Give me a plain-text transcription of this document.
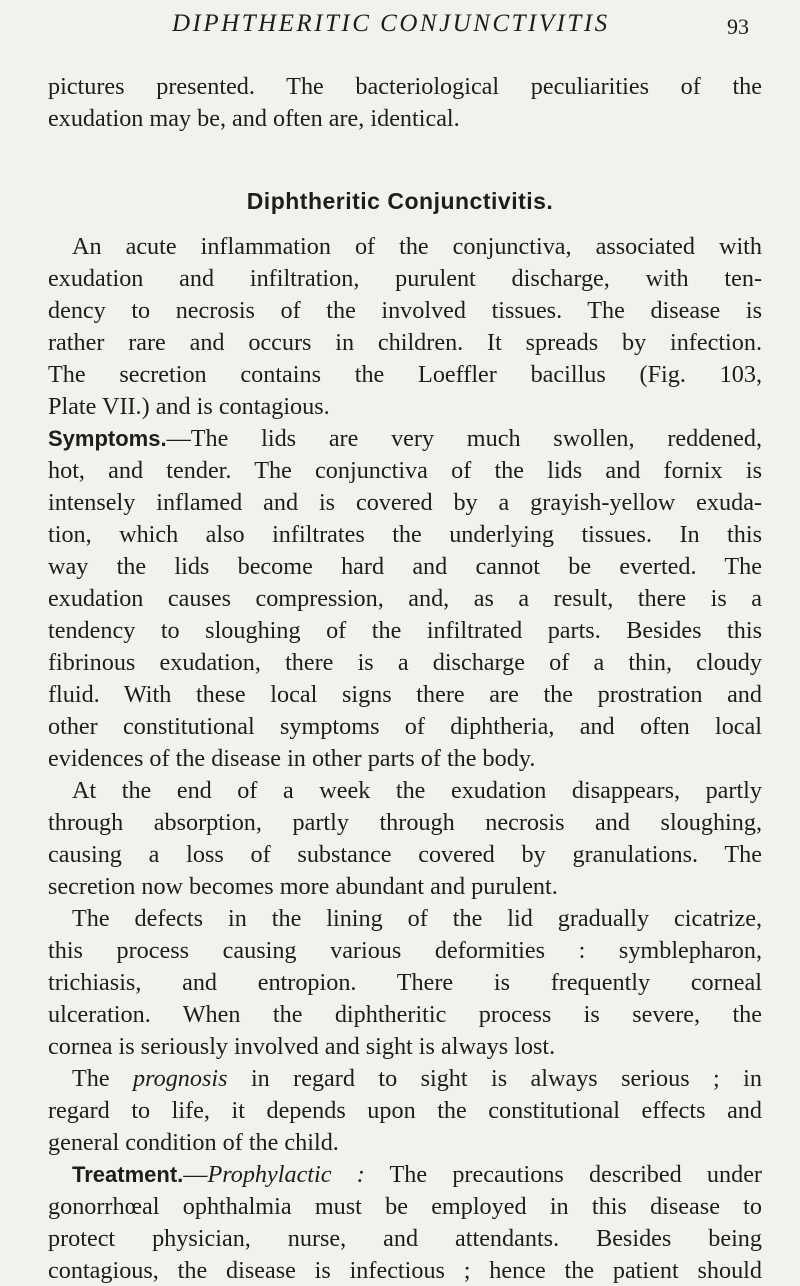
DIPHTHERITIC CONJUNCTIVITIS	93
pictures presented. The bacteriological peculiarities of the
exudation may be, and often are, identical.
Diphtheritic Conjunctivitis.
An acute inflammation of the conjunctiva, associated with
exudation and infiltration, purulent discharge, with ten-
dency to necrosis of the involved tissues. The disease is
rather rare and occurs in children. It spreads by infection.
The secretion contains the Loeffler bacillus (Fig. 103,
Plate VII.) and is contagious.
Symptoms.—The lids are very much swollen, reddened,
hot, and tender. The conjunctiva of the lids and fornix is
intensely inflamed and is covered by a grayish-yellow exuda-
tion, which also infiltrates the underlying tissues. In this
way the lids become hard and cannot be everted. The
exudation causes compression, and, as a result, there is a
tendency to sloughing of the infiltrated parts. Besides this
fibrinous exudation, there is a discharge of a thin, cloudy
fluid. With these local signs there are the prostration and
other constitutional symptoms of diphtheria, and often local
evidences of the disease in other parts of the body.
At the end of a week the exudation disappears, partly
through absorption, partly through necrosis and sloughing,
causing a loss of substance covered by granulations. The
secretion now becomes more abundant and purulent.
The defects in the lining of the lid gradually cicatrize,
this process causing various deformities : symblepharon,
trichiasis, and entropion. There is frequently corneal
ulceration. When the diphtheritic process is severe, the
cornea is seriously involved and sight is always lost.
The prognosis in regard to sight is always serious ; in
regard to life, it depends upon the constitutional effects and
general condition of the child.
Treatment.—Prophylactic : The precautions described under
gonorrhœal ophthalmia must be employed in this disease to
protect physician, nurse, and attendants. Besides being
contagious, the disease is infectious ; hence the patient should
